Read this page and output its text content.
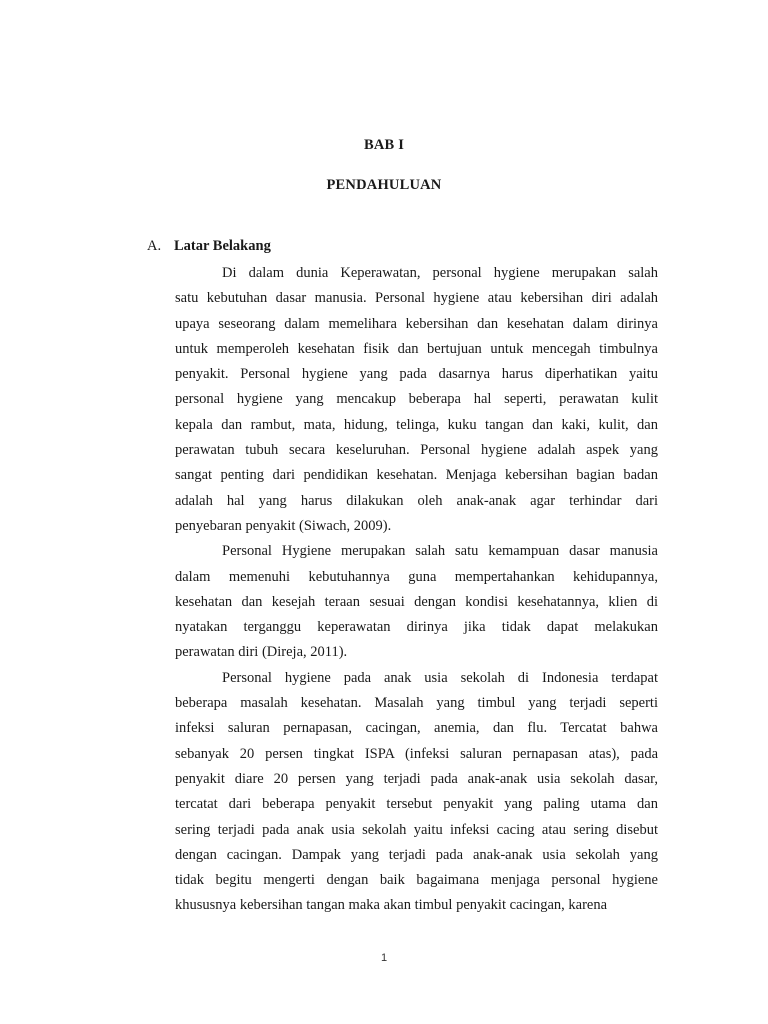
BAB I
PENDAHULUAN
A. Latar Belakang
Di dalam dunia Keperawatan, personal hygiene merupakan salah
satu kebutuhan dasar manusia. Personal hygiene atau kebersihan diri adalah
upaya seseorang dalam memelihara kebersihan dan kesehatan dalam dirinya
untuk memperoleh kesehatan fisik dan bertujuan untuk mencegah timbulnya
penyakit. Personal hygiene yang pada dasarnya harus diperhatikan yaitu
personal hygiene yang mencakup beberapa hal seperti, perawatan kulit
kepala dan rambut, mata, hidung, telinga, kuku tangan dan kaki, kulit, dan
perawatan tubuh secara keseluruhan. Personal hygiene adalah aspek yang
sangat penting dari pendidikan kesehatan. Menjaga kebersihan bagian badan
adalah hal yang harus dilakukan oleh anak-anak agar terhindar dari
penyebaran penyakit (Siwach, 2009).
Personal Hygiene merupakan salah satu kemampuan dasar manusia
dalam memenuhi kebutuhannya guna mempertahankan kehidupannya,
kesehatan dan kesejah teraan sesuai dengan kondisi kesehatannya, klien di
nyatakan terganggu keperawatan dirinya jika tidak dapat melakukan
perawatan diri (Direja, 2011).
Personal hygiene pada anak usia sekolah di Indonesia terdapat
beberapa masalah kesehatan. Masalah yang timbul yang terjadi seperti
infeksi saluran pernapasan, cacingan, anemia, dan flu. Tercatat bahwa
sebanyak 20 persen tingkat ISPA (infeksi saluran pernapasan atas), pada
penyakit diare 20 persen yang terjadi pada anak-anak usia sekolah dasar,
tercatat dari beberapa penyakit tersebut penyakit yang paling utama dan
sering terjadi pada anak usia sekolah yaitu infeksi cacing atau sering disebut
dengan cacingan. Dampak yang terjadi pada anak-anak usia sekolah yang
tidak begitu mengerti dengan baik bagaimana menjaga personal hygiene
khususnya kebersihan tangan maka akan timbul penyakit cacingan, karena
1
